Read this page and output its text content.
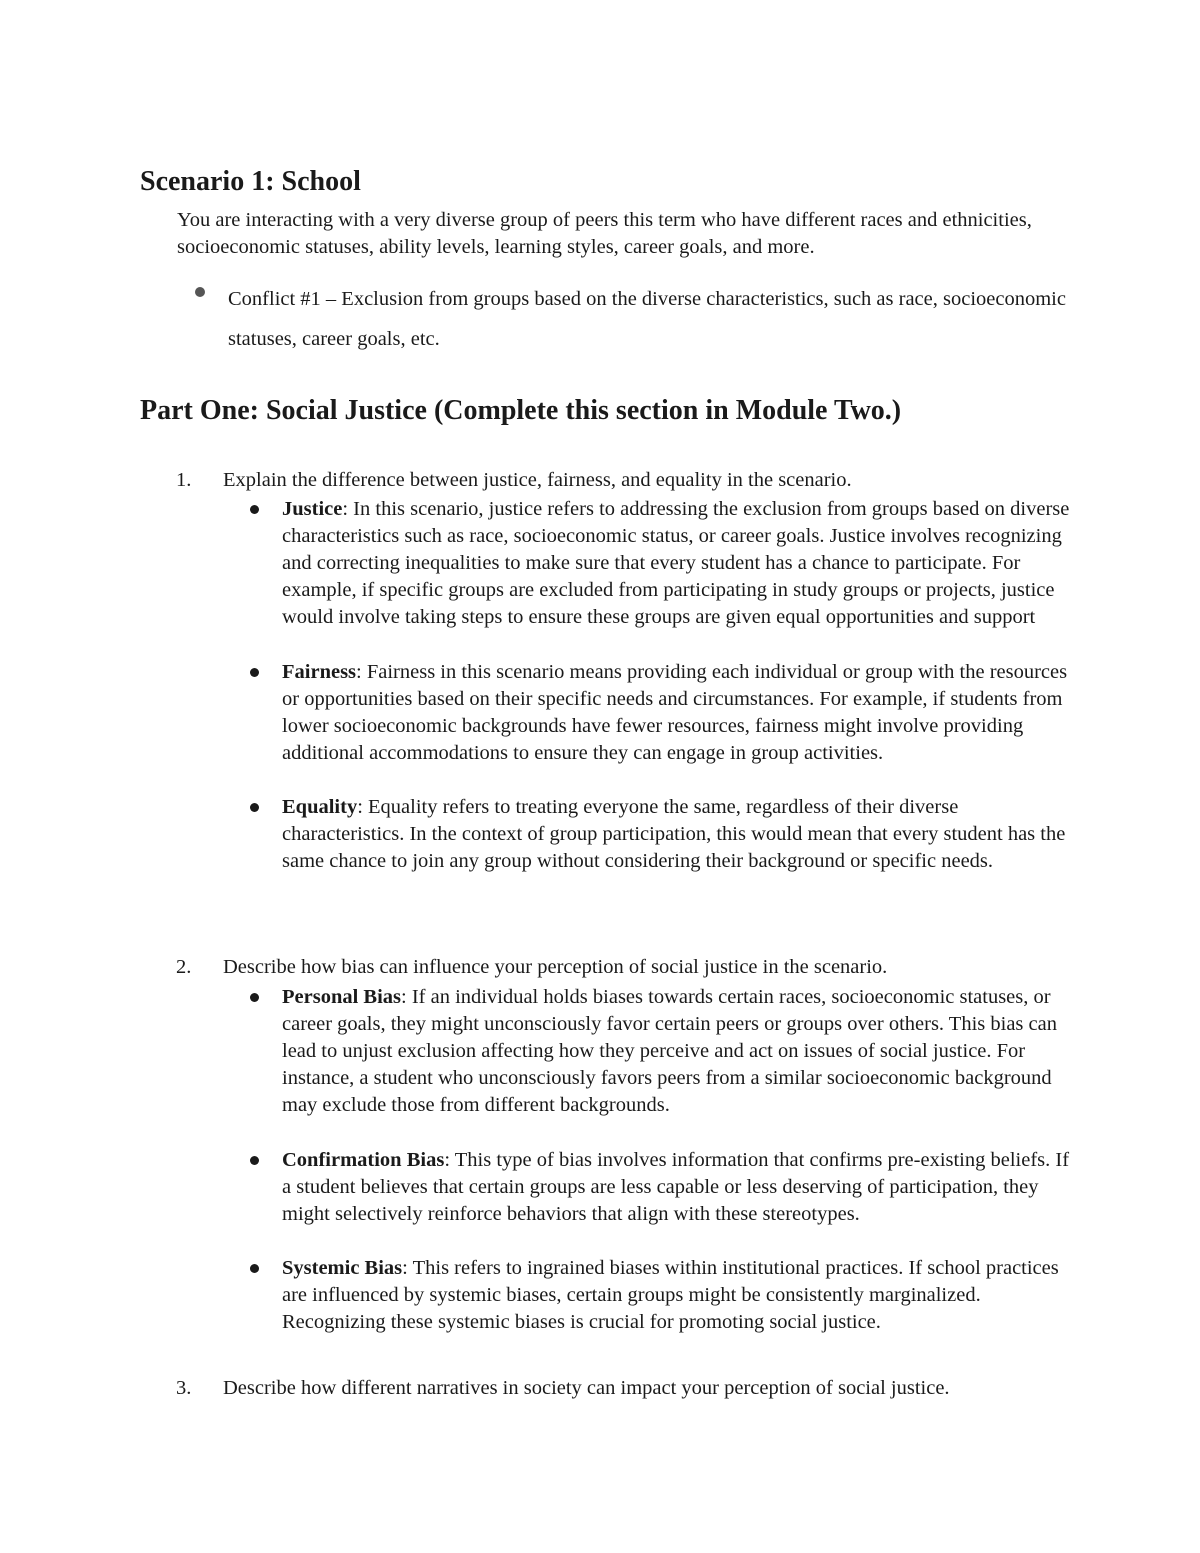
Scenario 1: School

You are interacting with a very diverse group of peers this term who have different races and ethnicities, socioeconomic statuses, ability levels, learning styles, career goals, and more.

Conflict #1 – Exclusion from groups based on the diverse characteristics, such as race, socioeconomic statuses, career goals, etc.

Part One: Social Justice (Complete this section in Module Two.)
1. Explain the difference between justice, fairness, and equality in the scenario.

Justice: In this scenario, justice refers to addressing the exclusion from groups based on diverse characteristics such as race, socioeconomic status, or career goals. Justice involves recognizing and correcting inequalities to make sure that every student has a chance to participate. For example, if specific groups are excluded from participating in study groups or projects, justice would involve taking steps to ensure these groups are given equal opportunities and support

Fairness: Fairness in this scenario means providing each individual or group with the resources or opportunities based on their specific needs and circumstances. For example, if students from lower socioeconomic backgrounds have fewer resources, fairness might involve providing additional accommodations to ensure they can engage in group activities.

Equality: Equality refers to treating everyone the same, regardless of their diverse characteristics. In the context of group participation, this would mean that every student has the same chance to join any group without considering their background or specific needs.

2. Describe how bias can influence your perception of social justice in the scenario.

Personal Bias: If an individual holds biases towards certain races, socioeconomic statuses, or career goals, they might unconsciously favor certain peers or groups over others. This bias can lead to unjust exclusion affecting how they perceive and act on issues of social justice. For instance, a student who unconsciously favors peers from a similar socioeconomic background may exclude those from different backgrounds.

Confirmation Bias: This type of bias involves information that confirms pre-existing beliefs. If a student believes that certain groups are less capable or less deserving of participation, they might selectively reinforce behaviors that align with these stereotypes.

Systemic Bias: This refers to ingrained biases within institutional practices. If school practices are influenced by systemic biases, certain groups might be consistently marginalized. Recognizing these systemic biases is crucial for promoting social justice.

3. Describe how different narratives in society can impact your perception of social justice.
